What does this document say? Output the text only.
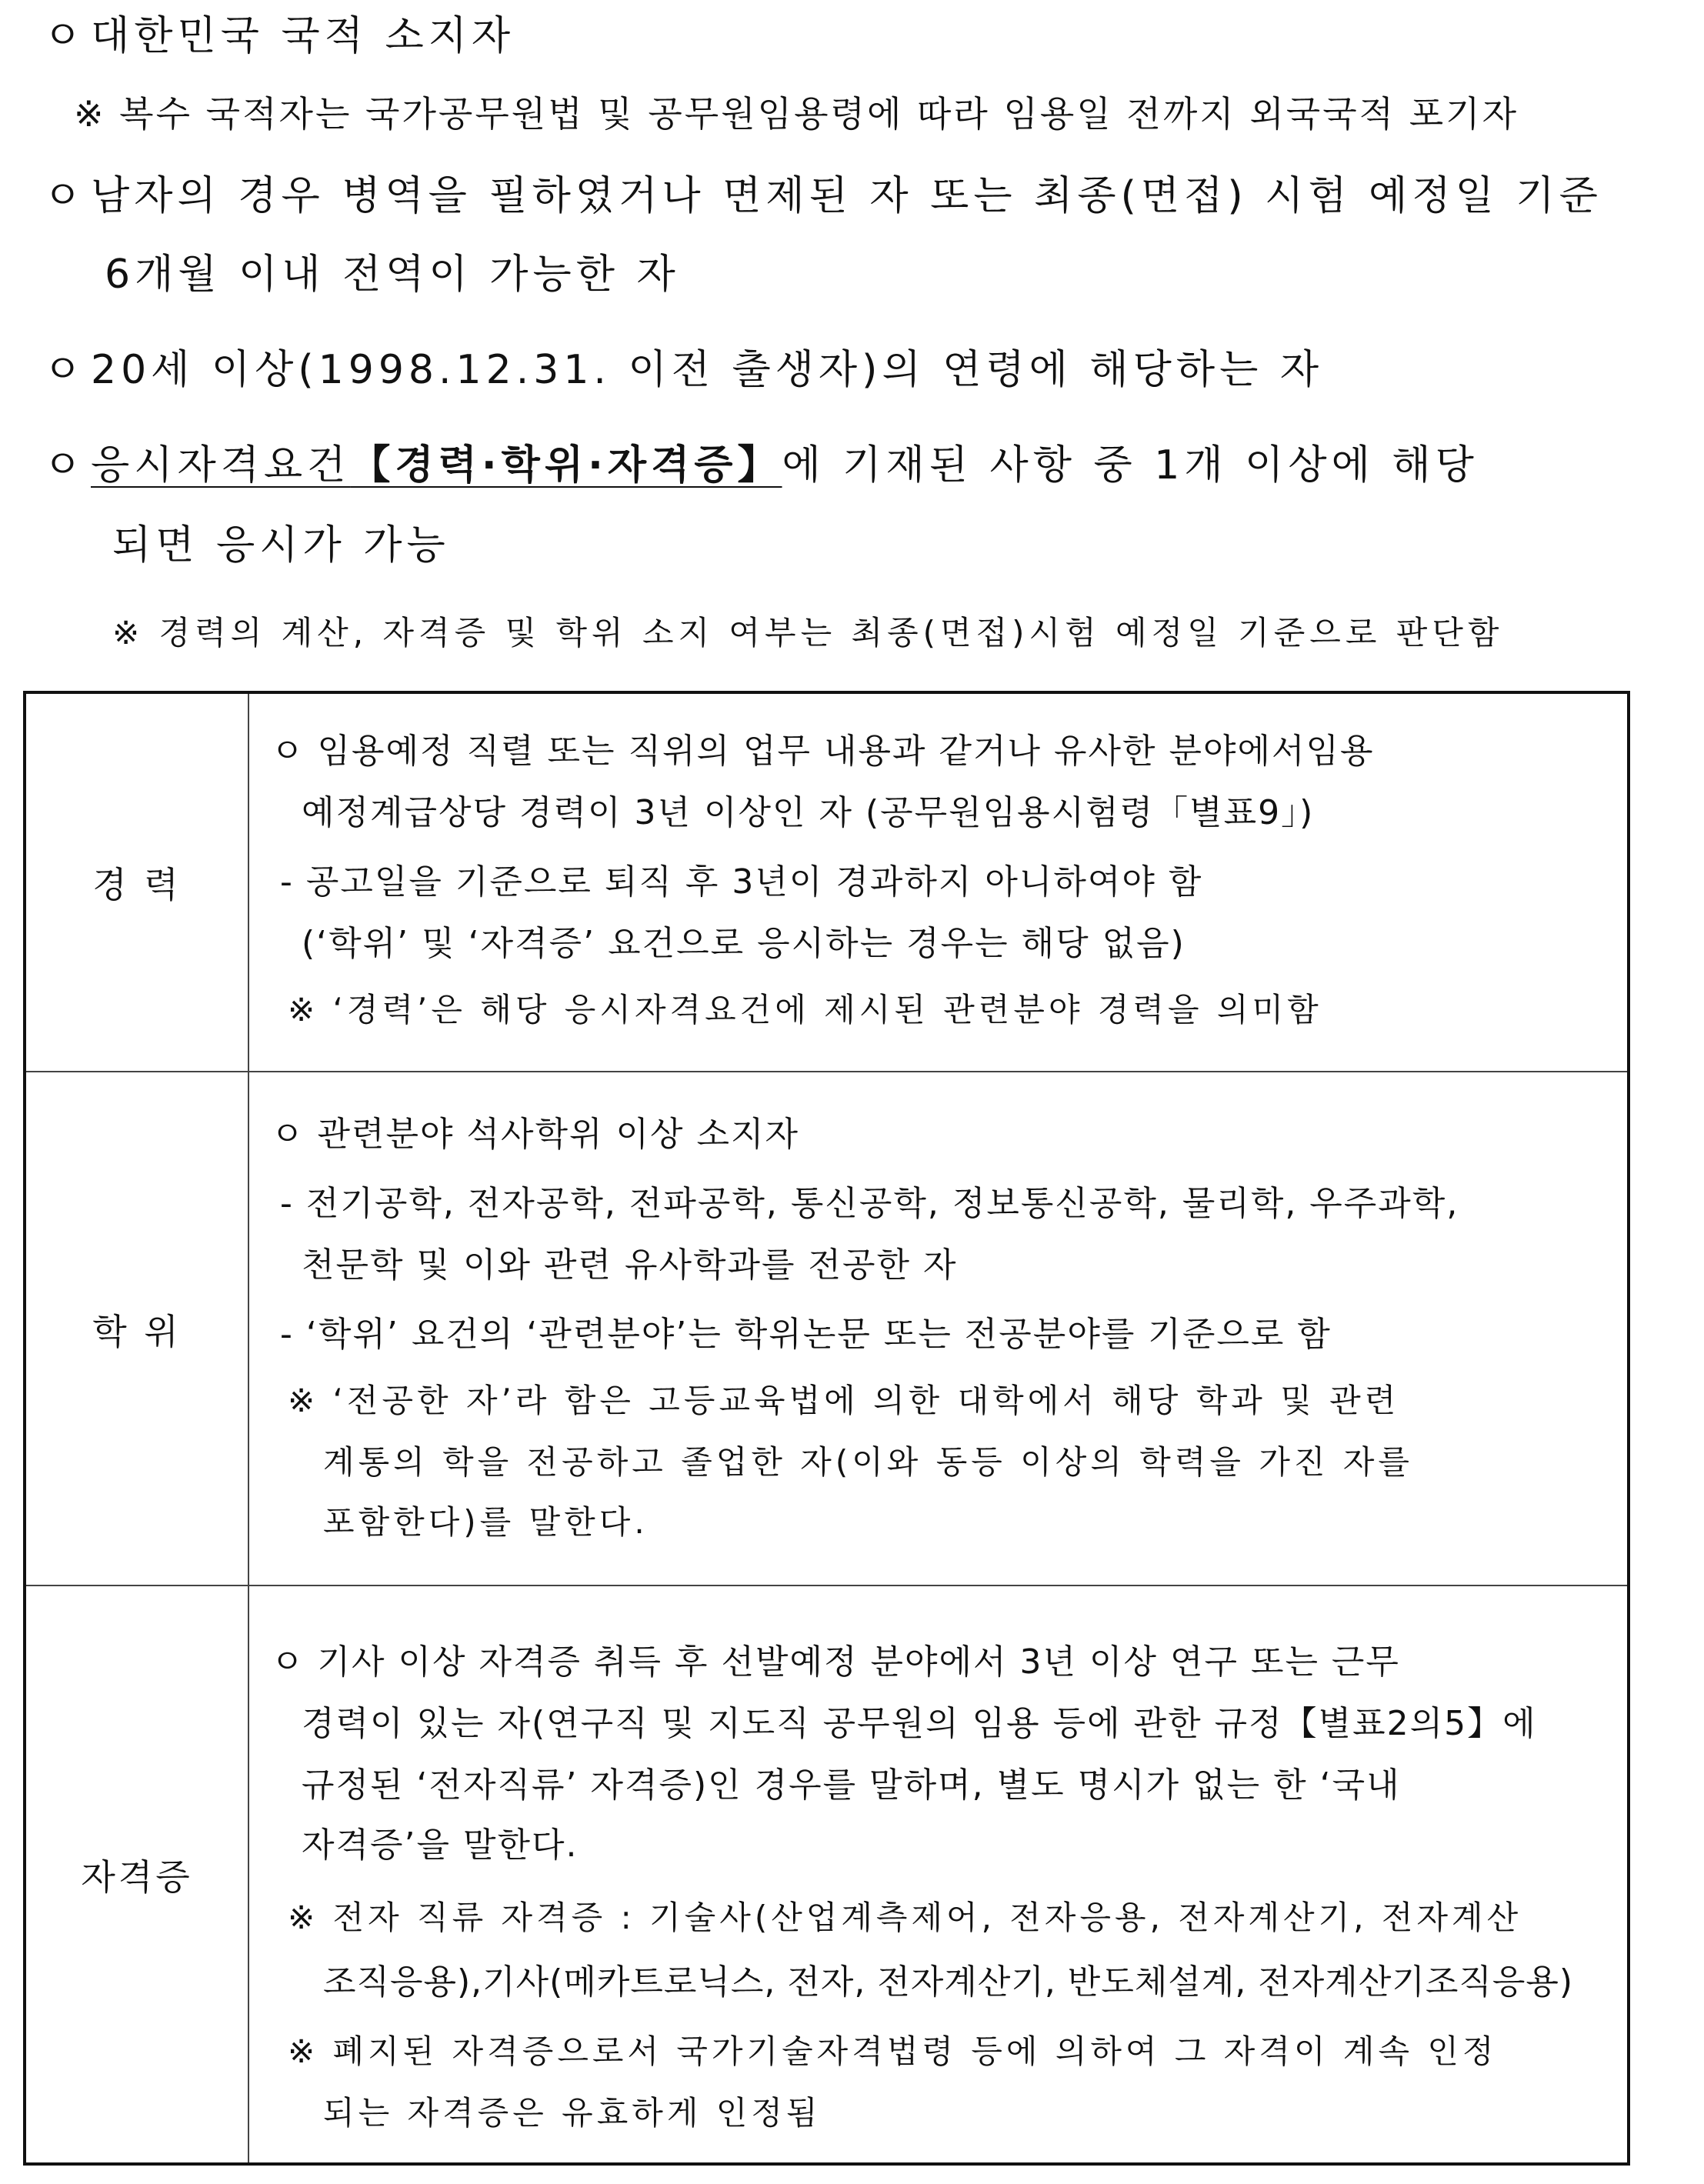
ㅇ 대한민국 국적 소지자
※ 복수 국적자는 국가공무원법 및 공무원임용령에 따라 임용일 전까지 외국국적 포기자
ㅇ 남자의 경우 병역을 필하였거나 면제된 자 또는 최종(면접) 시험 예정일 기준
6개월 이내 전역이 가능한 자
ㅇ 20세 이상(1998.12.31. 이전 출생자)의 연령에 해당하는 자
ㅇ 응시자격요건【경력·학위·자격증】에 기재된 사항 중 1개 이상에 해당
되면 응시가 가능
※ 경력의 계산, 자격증 및 학위 소지 여부는 최종(면접)시험 예정일 기준으로 판단함
경 력
ㅇ 임용예정 직렬 또는 직위의 업무 내용과 같거나 유사한 분야에서임용
예정계급상당 경력이 3년 이상인 자 (공무원임용시험령「별표9」)
- 공고일을 기준으로 퇴직 후 3년이 경과하지 아니하여야 함
(‘학위’ 및 ‘자격증’ 요건으로 응시하는 경우는 해당 없음)
※ ‘경력’은 해당 응시자격요건에 제시된 관련분야 경력을 의미함
학 위
ㅇ 관련분야 석사학위 이상 소지자
- 전기공학, 전자공학, 전파공학, 통신공학, 정보통신공학, 물리학, 우주과학,
천문학 및 이와 관련 유사학과를 전공한 자
- ‘학위’ 요건의 ‘관련분야’는 학위논문 또는 전공분야를 기준으로 함
※ ‘전공한 자’라 함은 고등교육법에 의한 대학에서 해당 학과 및 관련
계통의 학을 전공하고 졸업한 자(이와 동등 이상의 학력을 가진 자를
포함한다)를 말한다.
자격증
ㅇ 기사 이상 자격증 취득 후 선발예정 분야에서 3년 이상 연구 또는 근무
경력이 있는 자(연구직 및 지도직 공무원의 임용 등에 관한 규정【별표2의5】에
규정된 ‘전자직류’ 자격증)인 경우를 말하며, 별도 명시가 없는 한 ‘국내
자격증’을 말한다.
※ 전자 직류 자격증 : 기술사(산업계측제어, 전자응용, 전자계산기, 전자계산
조직응용),기사(메카트로닉스, 전자, 전자계산기, 반도체설계, 전자계산기조직응용)
※ 폐지된 자격증으로서 국가기술자격법령 등에 의하여 그 자격이 계속 인정
되는 자격증은 유효하게 인정됨
